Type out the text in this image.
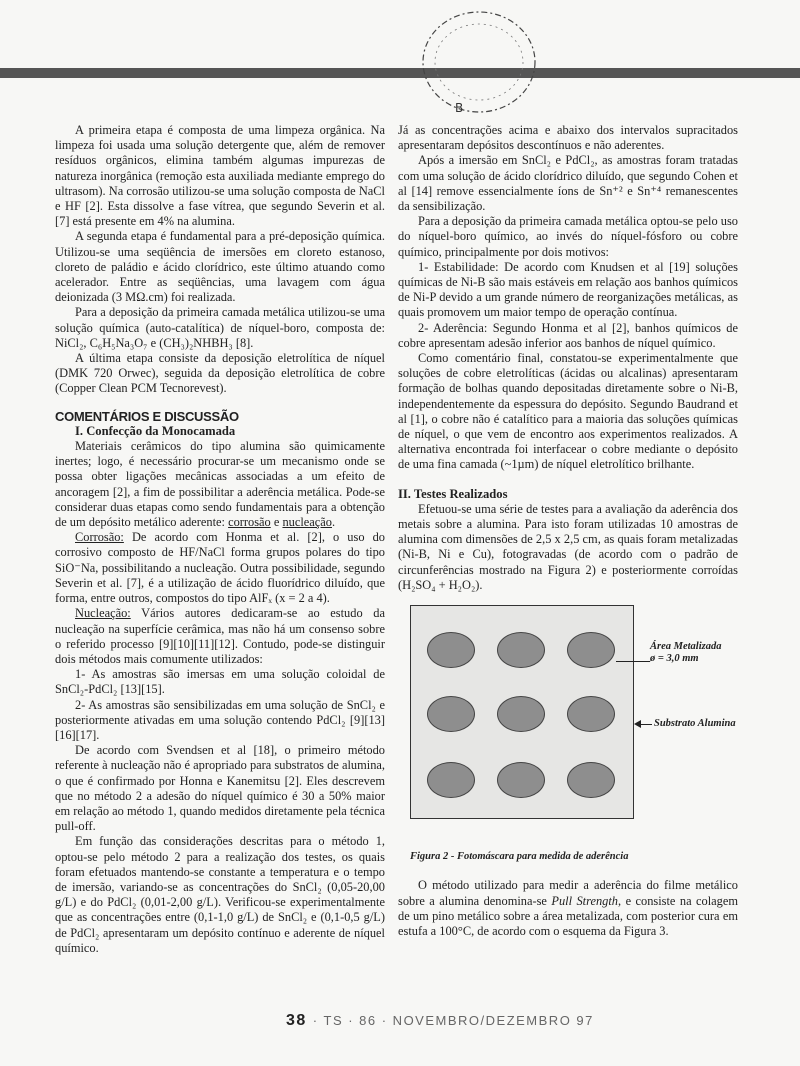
B

A primeira etapa é composta de uma limpeza orgânica. Na limpeza foi usada uma solução detergente que, além de remover resíduos orgânicos, elimina também algumas impurezas de natureza inorgânica (remoção esta auxiliada mediante emprego do ultrasom). Na corrosão utilizou-se uma solução composta de NaCl e HF [2]. Esta dissolve a fase vítrea, que segundo Severin et al. [7] está presente em 4% na alumina.

A segunda etapa é fundamental para a pré-deposição química. Utilizou-se uma seqüência de imersões em cloreto estanoso, cloreto de paládio e ácido clorídrico, este último atuando como acelerador. Entre as seqüências, uma lavagem com água deionizada (3 MΩ.cm) foi realizada.

Para a deposição da primeira camada metálica utilizou-se uma solução química (auto-catalítica) de níquel-boro, composta de: NiCl₂, C₆H₅Na₃O₇ e (CH₃)₂NHBH₃ [8].

A última etapa consiste da deposição eletrolítica de níquel (DMK 720 Orwec), seguida da deposição eletrolítica de cobre (Copper Clean PCM Tecnorevest).

COMENTÁRIOS E DISCUSSÃO
I. Confecção da Monocamada

Materiais cerâmicos do tipo alumina são quimicamente inertes; logo, é necessário procurar-se um mecanismo onde se possa obter ligações mecânicas associadas a um efeito de ancoragem [2], a fim de possibilitar a aderência metálica. Pode-se considerar duas etapas como sendo fundamentais para a obtenção de um depósito metálico aderente: corrosão e nucleação.

Corrosão: De acordo com Honma et al. [2], o uso do corrosivo composto de HF/NaCl forma grupos polares do tipo SiO⁻Na, possibilitando a nucleação. Outra possibilidade, segundo Severin et al. [7], é a utilização de ácido fluorídrico diluído, que forma, entre outros, compostos do tipo AlFₓ (x = 2 a 4).

Nucleação: Vários autores dedicaram-se ao estudo da nucleação na superfície cerâmica, mas não há um consenso sobre o referido processo [9][10][11][12]. Contudo, pode-se distinguir dois métodos mais comumente utilizados:

1- As amostras são imersas em uma solução coloidal de SnCl₂-PdCl₂ [13][15].

2- As amostras são sensibilizadas em uma solução de SnCl₂ e posteriormente ativadas em uma solução contendo PdCl₂ [9][13][16][17].

De acordo com Svendsen et al [18], o primeiro método referente à nucleação não é apropriado para substratos de alumina, o que é confirmado por Honna e Kanemitsu [2]. Eles descrevem que no método 2 a adesão do níquel químico é 30 a 50% maior em relação ao método 1, quando medidos diretamente pela técnica pull-off.

Em função das considerações descritas para o método 1, optou-se pelo método 2 para a realização dos testes, os quais foram efetuados mantendo-se constante a temperatura e o tempo de imersão, variando-se as concentrações do SnCl₂ (0,05-20,00 g/L) e do PdCl₂ (0,01-2,00 g/L). Verificou-se experimentalmente que as concentrações entre (0,1-1,0 g/L) de SnCl₂ e (0,1-0,5 g/L) de PdCl₂ apresentaram um depósito contínuo e aderente de níquel químico.

Já as concentrações acima e abaixo dos intervalos supracitados apresentaram depósitos descontínuos e não aderentes.

Após a imersão em SnCl₂ e PdCl₂, as amostras foram tratadas com uma solução de ácido clorídrico diluído, que segundo Cohen et al [14] remove essencialmente íons de Sn⁺² e Sn⁺⁴ remanescentes da sensibilização.

Para a deposição da primeira camada metálica optou-se pelo uso do níquel-boro químico, ao invés do níquel-fósforo ou cobre químico, principalmente por dois motivos:

1- Estabilidade: De acordo com Knudsen et al [19] soluções químicas de Ni-B são mais estáveis em relação aos banhos químicos de Ni-P devido a um grande número de reorganizações metálicas, as quais promovem um maior tempo de operação contínua.

2- Aderência: Segundo Honma et al [2], banhos químicos de cobre apresentam adesão inferior aos banhos de níquel químico.

Como comentário final, constatou-se experimentalmente que soluções de cobre eletrolíticas (ácidas ou alcalinas) apresentaram formação de bolhas quando depositadas diretamente sobre o Ni-B, independentemente da espessura do depósito. Segundo Baudrand et al [1], o cobre não é catalítico para a maioria das soluções químicas de níquel, o que vem de encontro aos experimentos realizados. A alternativa encontrada foi interfacear o cobre mediante o depósito de uma fina camada (~1µm) de níquel eletrolítico brilhante.

II. Testes Realizados

Efetuou-se uma série de testes para a avaliação da aderência dos metais sobre a alumina. Para isto foram utilizadas 10 amostras de alumina com dimensões de 2,5 x 2,5 cm, as quais foram metalizadas (Ni-B, Ni e Cu), fotogravadas (de acordo com o padrão de circunferências mostrado na Figura 2) e posteriormente corroídas (H₂SO₄ + H₂O₂).

Área Metalizada
ø = 3,0 mm
Substrato Alumina
Figura 2 - Fotomáscara para medida de aderência

O método utilizado para medir a aderência do filme metálico sobre a alumina denomina-se Pull Strength, e consiste na colagem de um pino metálico sobre a área metalizada, com posterior cura em estufa a 100°C, de acordo com o esquema da Figura 3.

38 · TS · 86 · NOVEMBRO/DEZEMBRO 97
